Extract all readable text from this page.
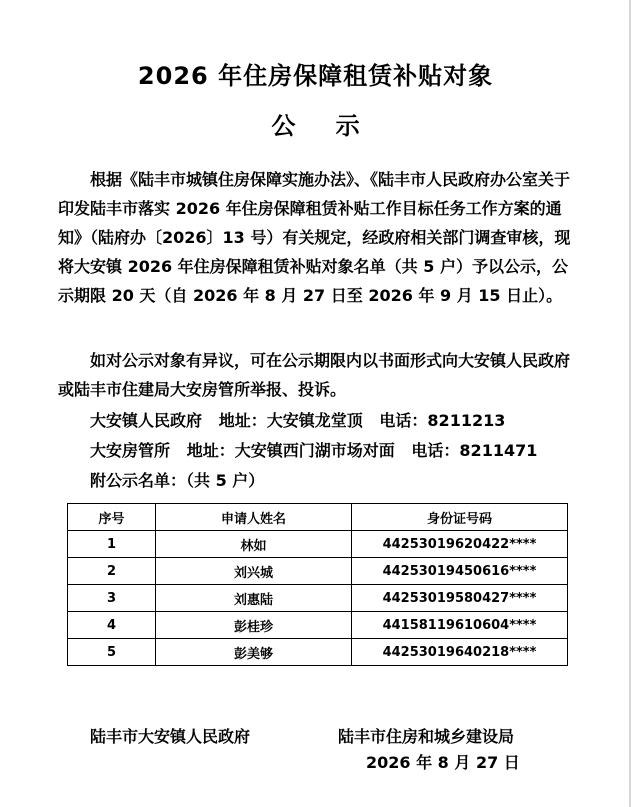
2026 年住房保障租赁补贴对象
公 示
根据《陆丰市城镇住房保障实施办法》、《陆丰市人民政府办公室关于印发陆丰市落实 2026 年住房保障租赁补贴工作目标任务工作方案的通知》（陆府办〔2026〕13 号）有关规定，经政府相关部门调查审核，现将大安镇 2026 年住房保障租赁补贴对象名单（共 5 户）予以公示，公示期限 20 天（自 2026 年 8 月 27 日至 2026 年 9 月 15 日止）。
如对公示对象有异议，可在公示期限内以书面形式向大安镇人民政府或陆丰市住建局大安房管所举报、投诉。
大安镇人民政府   地址：大安镇龙堂顶   电话：8211213
大安房管所   地址：大安镇西门湖市场对面   电话：8211471
附公示名单：（共 5 户）
序号	申请人姓名	身份证号码
1	林如	44253019620422****
2	刘兴城	44253019450616****
3	刘惠陆	44253019580427****
4	彭桂珍	44158119610604****
5	彭美够	44253019640218****
陆丰市大安镇人民政府	陆丰市住房和城乡建设局
2026 年 8 月 27 日
